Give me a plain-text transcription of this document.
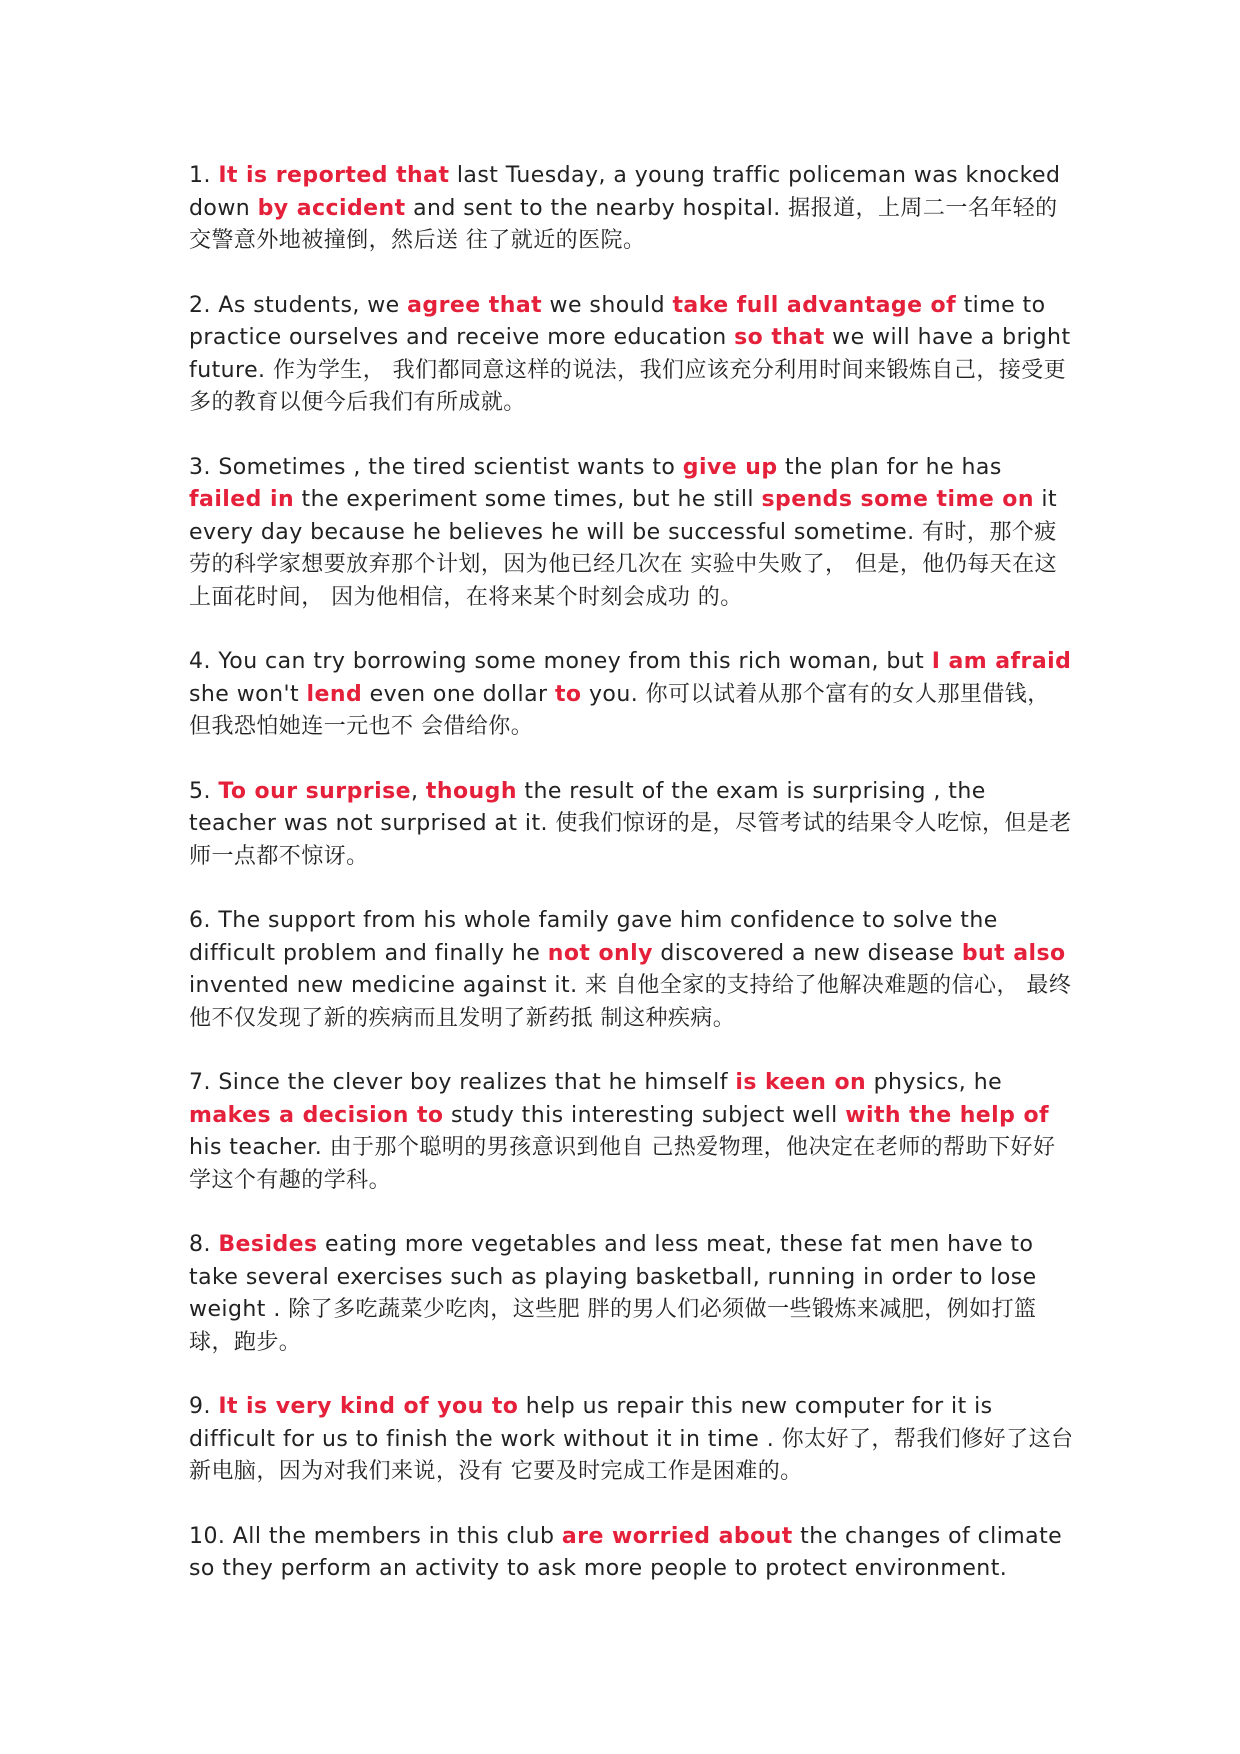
1. It is reported that last Tuesday, a young traffic policeman was knocked down by accident and sent to the nearby hospital. 据报道，上周二一名年轻的交警意外地被撞倒，然后送 往了就近的医院。

2. As students, we agree that we should take full advantage of time to practice ourselves and receive more education so that we will have a bright future. 作为学生， 我们都同意这样的说法，我们应该充分利用时间来锻炼自己，接受更多的教育以便今后我们有所成就。

3. Sometimes , the tired scientist wants to give up the plan for he has failed in the experiment some times, but he still spends some time on it every day because he believes he will be successful sometime. 有时，那个疲劳的科学家想要放弃那个计划，因为他已经几次在 实验中失败了， 但是，他仍每天在这上面花时间， 因为他相信，在将来某个时刻会成功 的。

4. You can try borrowing some money from this rich woman, but I am afraid she won't lend even one dollar to you. 你可以试着从那个富有的女人那里借钱， 但我恐怕她连一元也不 会借给你。

5. To our surprise, though the result of the exam is surprising , the teacher was not surprised at it. 使我们惊讶的是，尽管考试的结果令人吃惊，但是老师一点都不惊讶。

6. The support from his whole family gave him confidence to solve the difficult problem and finally he not only discovered a new disease but also invented new medicine against it. 来 自他全家的支持给了他解决难题的信心， 最终他不仅发现了新的疾病而且发明了新药抵 制这种疾病。

7. Since the clever boy realizes that he himself is keen on physics, he makes a decision to study this interesting subject well with the help of his teacher. 由于那个聪明的男孩意识到他自 己热爱物理，他决定在老师的帮助下好好学这个有趣的学科。

8. Besides eating more vegetables and less meat, these fat men have to take several exercises such as playing basketball, running in order to lose weight . 除了多吃蔬菜少吃肉，这些肥 胖的男人们必须做一些锻炼来减肥，例如打篮球，跑步。

9. It is very kind of you to help us repair this new computer for it is difficult for us to finish the work without it in time . 你太好了，帮我们修好了这台新电脑，因为对我们来说，没有 它要及时完成工作是困难的。

10. All the members in this club are worried about the changes of climate so they perform an activity to ask more people to protect environment.
